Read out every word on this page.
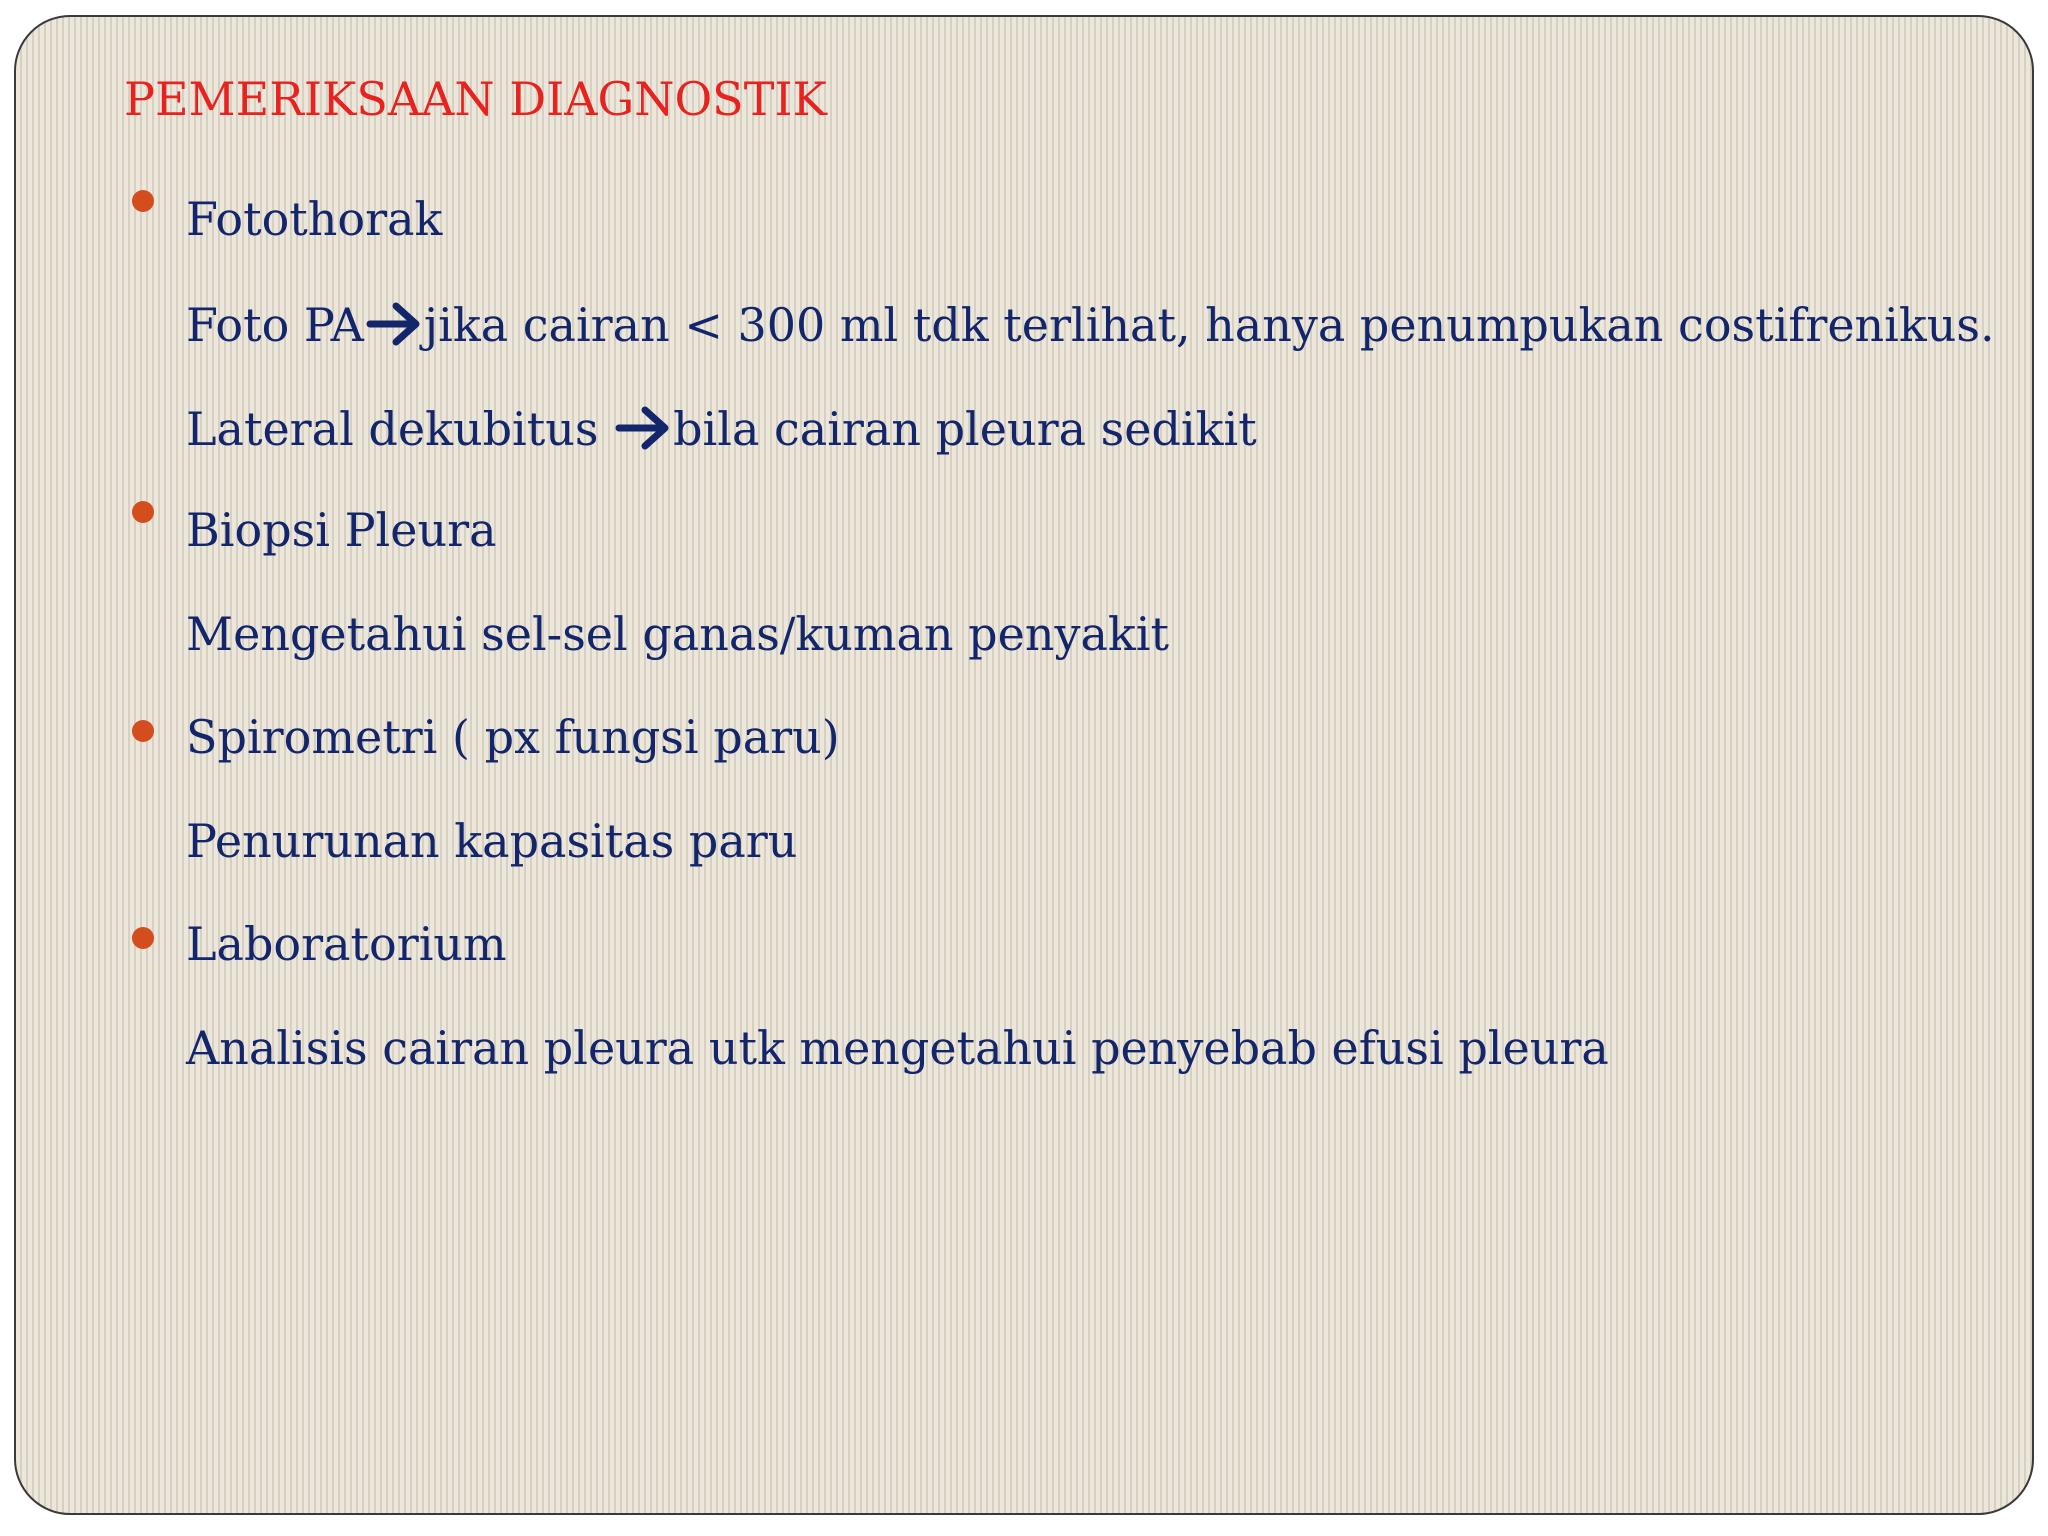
PEMERIKSAAN DIAGNOSTIK
Fotothorak
Foto PA jika cairan < 300 ml tdk terlihat, hanya penumpukan costifrenikus.
Lateral dekubitus bila cairan pleura sedikit
Biopsi Pleura
Mengetahui sel-sel ganas/kuman penyakit
Spirometri ( px fungsi paru)
Penurunan kapasitas paru
Laboratorium
Analisis cairan pleura utk mengetahui penyebab efusi pleura
